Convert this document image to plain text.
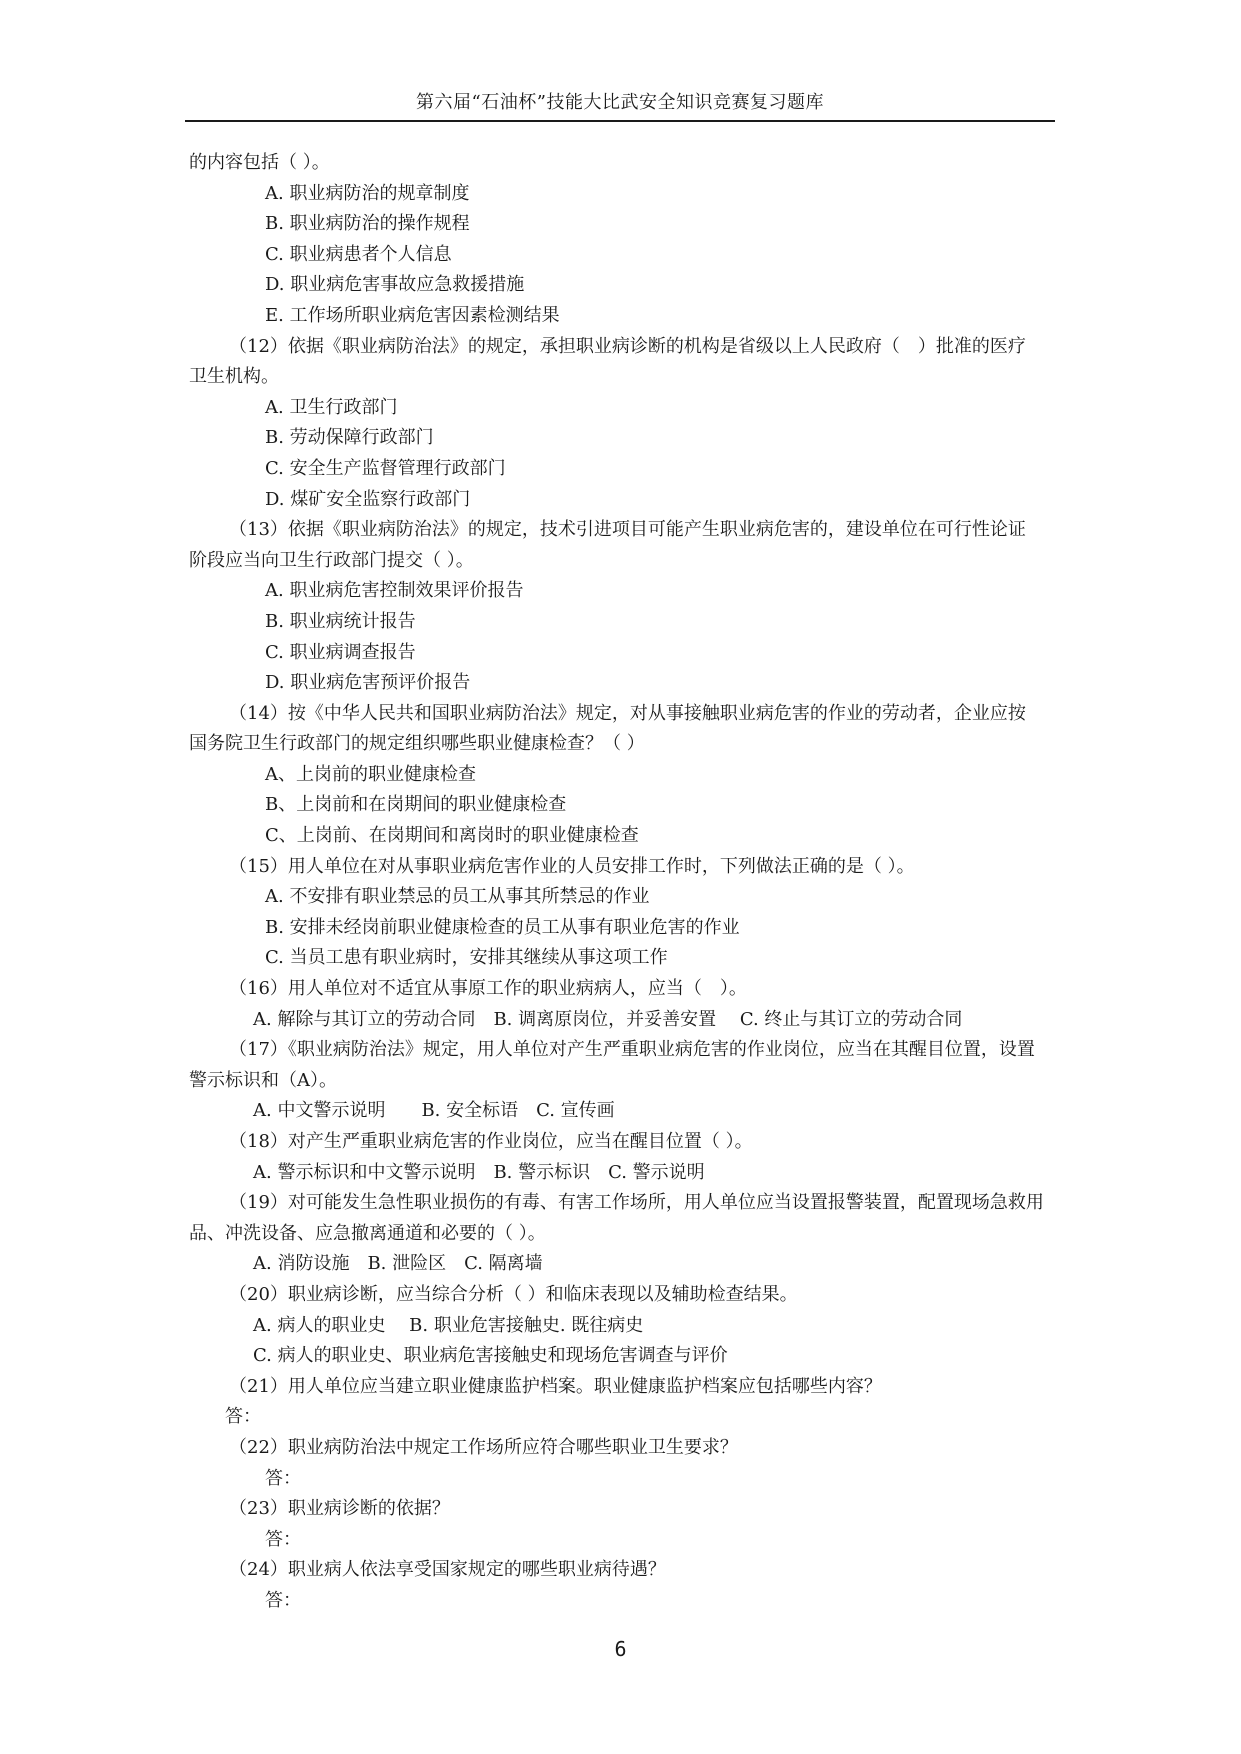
第六届“石油杯”技能大比武安全知识竞赛复习题库
的内容包括（ ）。
A. 职业病防治的规章制度
B. 职业病防治的操作规程
C. 职业病患者个人信息
D. 职业病危害事故应急救援措施
E. 工作场所职业病危害因素检测结果
（12）依据《职业病防治法》的规定，承担职业病诊断的机构是省级以上人民政府（　）批准的医疗
卫生机构。
A. 卫生行政部门
B. 劳动保障行政部门
C. 安全生产监督管理行政部门
D. 煤矿安全监察行政部门
（13）依据《职业病防治法》的规定，技术引进项目可能产生职业病危害的，建设单位在可行性论证
阶段应当向卫生行政部门提交（ ）。
A. 职业病危害控制效果评价报告
B. 职业病统计报告
C. 职业病调查报告
D. 职业病危害预评价报告
（14）按《中华人民共和国职业病防治法》规定，对从事接触职业病危害的作业的劳动者，企业应按
国务院卫生行政部门的规定组织哪些职业健康检查？（ ）
A、上岗前的职业健康检查
B、上岗前和在岗期间的职业健康检查
C、上岗前、在岗期间和离岗时的职业健康检查
（15）用人单位在对从事职业病危害作业的人员安排工作时，下列做法正确的是（ ）。
A. 不安排有职业禁忌的员工从事其所禁忌的作业
B. 安排未经岗前职业健康检查的员工从事有职业危害的作业
C. 当员工患有职业病时，安排其继续从事这项工作
（16）用人单位对不适宜从事原工作的职业病病人，应当（　）。
A. 解除与其订立的劳动合同　B. 调离原岗位，并妥善安置　 C. 终止与其订立的劳动合同
（17）《职业病防治法》规定，用人单位对产生严重职业病危害的作业岗位，应当在其醒目位置，设置
警示标识和（A）。
A. 中文警示说明　　B. 安全标语　C. 宣传画
（18）对产生严重职业病危害的作业岗位，应当在醒目位置（ ）。
A. 警示标识和中文警示说明　B. 警示标识　C. 警示说明
（19）对可能发生急性职业损伤的有毒、有害工作场所，用人单位应当设置报警装置，配置现场急救用
品、冲洗设备、应急撤离通道和必要的（ ）。
A. 消防设施　B. 泄险区　C. 隔离墙
（20）职业病诊断，应当综合分析（ ）和临床表现以及辅助检查结果。
A. 病人的职业史　 B. 职业危害接触史. 既往病史
C. 病人的职业史、职业病危害接触史和现场危害调查与评价
（21）用人单位应当建立职业健康监护档案。职业健康监护档案应包括哪些内容？
答：
（22）职业病防治法中规定工作场所应符合哪些职业卫生要求？
答：
（23）职业病诊断的依据？
答：
（24）职业病人依法享受国家规定的哪些职业病待遇？
答：
6
